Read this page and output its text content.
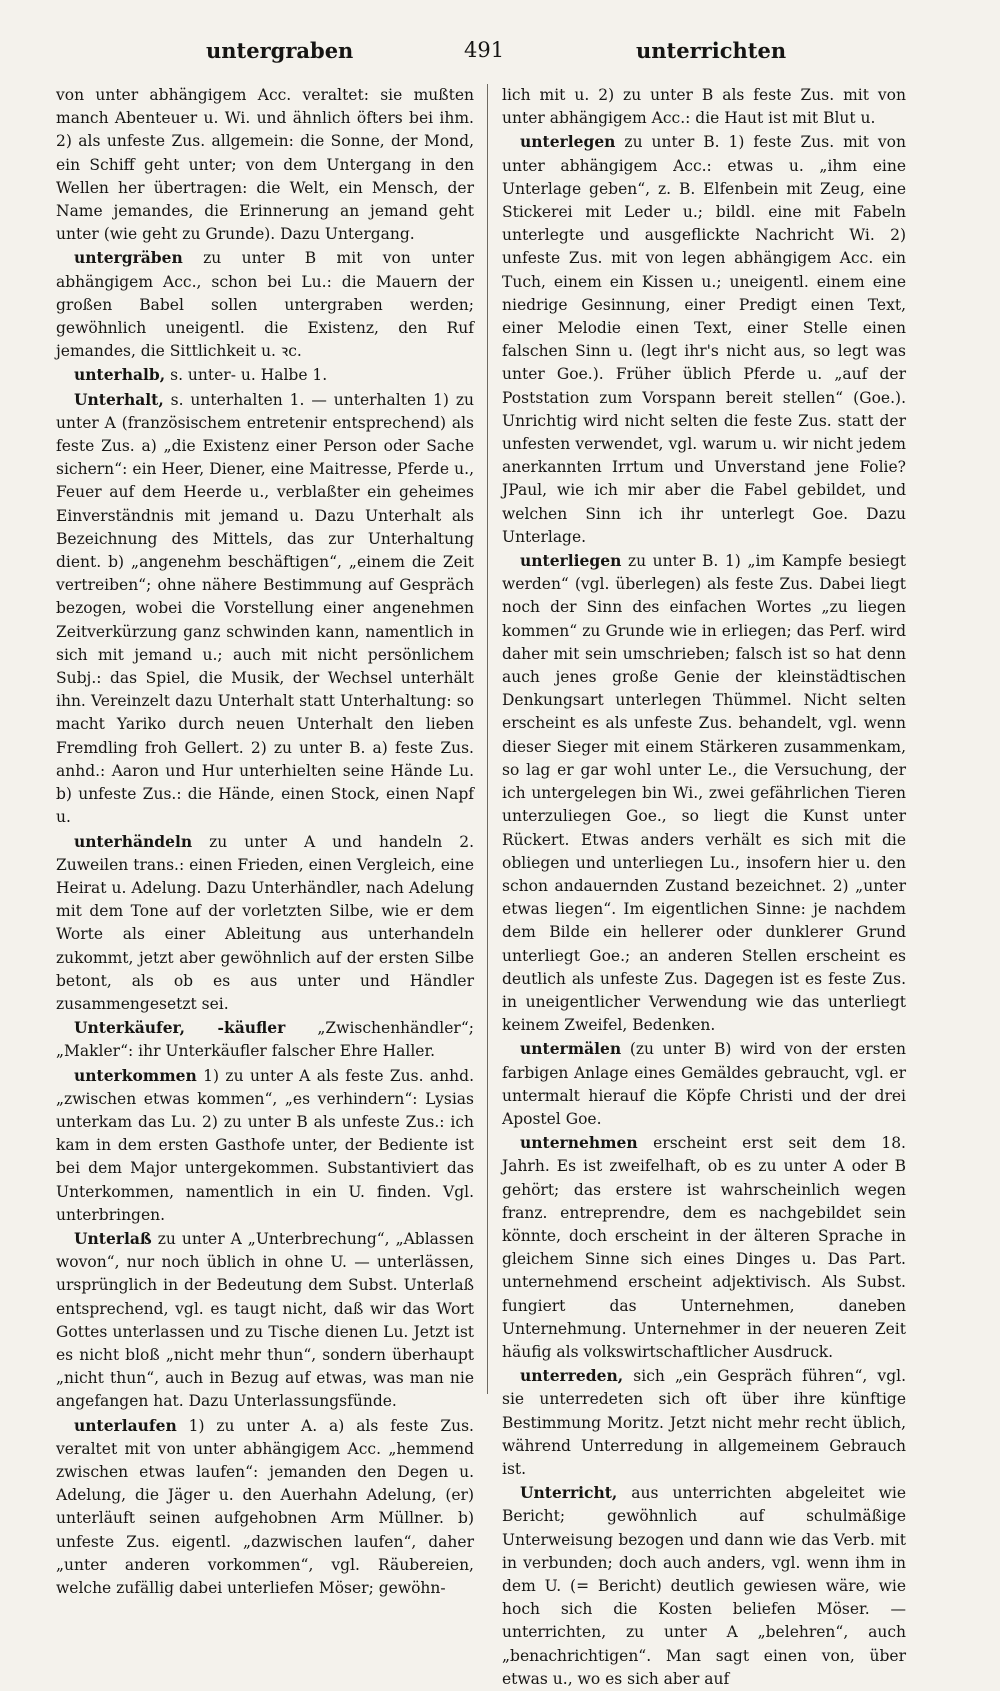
untergraben	491	unterrichten

von unter abhängigem Acc. veraltet: sie mußten manch Abenteuer u. Wi. und ähnlich öfters bei ihm. 2) als unfeste Zus. allgemein: die Sonne, der Mond, ein Schiff geht unter; von dem Untergang in den Wellen her übertragen: die Welt, ein Mensch, der Name jemandes, die Erinnerung an jemand geht unter (wie geht zu Grunde). Dazu Untergang.

untergräben zu unter B mit von unter abhängigem Acc., schon bei Lu.: die Mauern der großen Babel sollen untergraben werden; gewöhnlich uneigentl. die Existenz, den Ruf jemandes, die Sittlichkeit u. ꝛc.

unterhalb, s. unter- u. Halbe 1.

Unterhalt, s. unterhalten 1. — unterhalten 1) zu unter A (französischem entretenir entsprechend) als feste Zus. a) „die Existenz einer Person oder Sache sichern“: ein Heer, Diener, eine Maitresse, Pferde u., Feuer auf dem Heerde u., verblaßter ein geheimes Einverständnis mit jemand u. Dazu Unterhalt als Bezeichnung des Mittels, das zur Unterhaltung dient. b) „angenehm beschäftigen“, „einem die Zeit vertreiben“; ohne nähere Bestimmung auf Gespräch bezogen, wobei die Vorstellung einer angenehmen Zeitverkürzung ganz schwinden kann, namentlich in sich mit jemand u.; auch mit nicht persönlichem Subj.: das Spiel, die Musik, der Wechsel unterhält ihn. Vereinzelt dazu Unterhalt statt Unterhaltung: so macht Yariko durch neuen Unterhalt den lieben Fremdling froh Gellert. 2) zu unter B. a) feste Zus. anhd.: Aaron und Hur unterhielten seine Hände Lu. b) unfeste Zus.: die Hände, einen Stock, einen Napf u.

unterhändeln zu unter A und handeln 2. Zuweilen trans.: einen Frieden, einen Vergleich, eine Heirat u. Adelung. Dazu Unterhändler, nach Adelung mit dem Tone auf der vorletzten Silbe, wie er dem Worte als einer Ableitung aus unterhandeln zukommt, jetzt aber gewöhnlich auf der ersten Silbe betont, als ob es aus unter und Händler zusammengesetzt sei.

Unterkäufer, -käufler „Zwischenhändler“; „Makler“: ihr Unterkäufler falscher Ehre Haller.

unterkommen 1) zu unter A als feste Zus. anhd. „zwischen etwas kommen“, „es verhindern“: Lysias unterkam das Lu. 2) zu unter B als unfeste Zus.: ich kam in dem ersten Gasthofe unter, der Bediente ist bei dem Major untergekommen. Substantiviert das Unterkommen, namentlich in ein U. finden. Vgl. unterbringen.

Unterlaß zu unter A „Unterbrechung“, „Ablassen wovon“, nur noch üblich in ohne U. — unterlässen, ursprünglich in der Bedeutung dem Subst. Unterlaß entsprechend, vgl. es taugt nicht, daß wir das Wort Gottes unterlassen und zu Tische dienen Lu. Jetzt ist es nicht bloß „nicht mehr thun“, sondern überhaupt „nicht thun“, auch in Bezug auf etwas, was man nie angefangen hat. Dazu Unterlassungsfünde.

unterlaufen 1) zu unter A. a) als feste Zus. veraltet mit von unter abhängigem Acc. „hemmend zwischen etwas laufen“: jemanden den Degen u. Adelung, die Jäger u. den Auerhahn Adelung, (er) unterläuft seinen aufgehobnen Arm Müllner. b) unfeste Zus. eigentl. „dazwischen laufen“, daher „unter anderen vorkommen“, vgl. Räubereien, welche zufällig dabei unterliefen Möser; gewöhn-

lich mit u. 2) zu unter B als feste Zus. mit von unter abhängigem Acc.: die Haut ist mit Blut u.

unterlegen zu unter B. 1) feste Zus. mit von unter abhängigem Acc.: etwas u. „ihm eine Unterlage geben“, z. B. Elfenbein mit Zeug, eine Stickerei mit Leder u.; bildl. eine mit Fabeln unterlegte und ausgeflickte Nachricht Wi. 2) unfeste Zus. mit von legen abhängigem Acc. ein Tuch, einem ein Kissen u.; uneigentl. einem eine niedrige Gesinnung, einer Predigt einen Text, einer Melodie einen Text, einer Stelle einen falschen Sinn u. (legt ihr's nicht aus, so legt was unter Goe.). Früher üblich Pferde u. „auf der Poststation zum Vorspann bereit stellen“ (Goe.). Unrichtig wird nicht selten die feste Zus. statt der unfesten verwendet, vgl. warum u. wir nicht jedem anerkannten Irrtum und Unverstand jene Folie? JPaul, wie ich mir aber die Fabel gebildet, und welchen Sinn ich ihr unterlegt Goe. Dazu Unterlage.

unterliegen zu unter B. 1) „im Kampfe besiegt werden“ (vgl. überlegen) als feste Zus. Dabei liegt noch der Sinn des einfachen Wortes „zu liegen kommen“ zu Grunde wie in erliegen; das Perf. wird daher mit sein umschrieben; falsch ist so hat denn auch jenes große Genie der kleinstädtischen Denkungsart unterlegen Thümmel. Nicht selten erscheint es als unfeste Zus. behandelt, vgl. wenn dieser Sieger mit einem Stärkeren zusammenkam, so lag er gar wohl unter Le., die Versuchung, der ich untergelegen bin Wi., zwei gefährlichen Tieren unterzuliegen Goe., so liegt die Kunst unter Rückert. Etwas anders verhält es sich mit die obliegen und unterliegen Lu., insofern hier u. den schon andauernden Zustand bezeichnet. 2) „unter etwas liegen“. Im eigentlichen Sinne: je nachdem dem Bilde ein hellerer oder dunklerer Grund unterliegt Goe.; an anderen Stellen erscheint es deutlich als unfeste Zus. Dagegen ist es feste Zus. in uneigentlicher Verwendung wie das unterliegt keinem Zweifel, Bedenken.

untermälen (zu unter B) wird von der ersten farbigen Anlage eines Gemäldes gebraucht, vgl. er untermalt hierauf die Köpfe Christi und der drei Apostel Goe.

unternehmen erscheint erst seit dem 18. Jahrh. Es ist zweifelhaft, ob es zu unter A oder B gehört; das erstere ist wahrscheinlich wegen franz. entreprendre, dem es nachgebildet sein könnte, doch erscheint in der älteren Sprache in gleichem Sinne sich eines Dinges u. Das Part. unternehmend erscheint adjektivisch. Als Subst. fungiert das Unternehmen, daneben Unternehmung. Unternehmer in der neueren Zeit häufig als volkswirtschaftlicher Ausdruck.

unterreden, sich „ein Gespräch führen“, vgl. sie unterredeten sich oft über ihre künftige Bestimmung Moritz. Jetzt nicht mehr recht üblich, während Unterredung in allgemeinem Gebrauch ist.

Unterricht, aus unterrichten abgeleitet wie Bericht; gewöhnlich auf schulmäßige Unterweisung bezogen und dann wie das Verb. mit in verbunden; doch auch anders, vgl. wenn ihm in dem U. (= Bericht) deutlich gewiesen wäre, wie hoch sich die Kosten beliefen Möser. — unterrichten, zu unter A „belehren“, auch „benachrichtigen“. Man sagt einen von, über etwas u., wo es sich aber auf
